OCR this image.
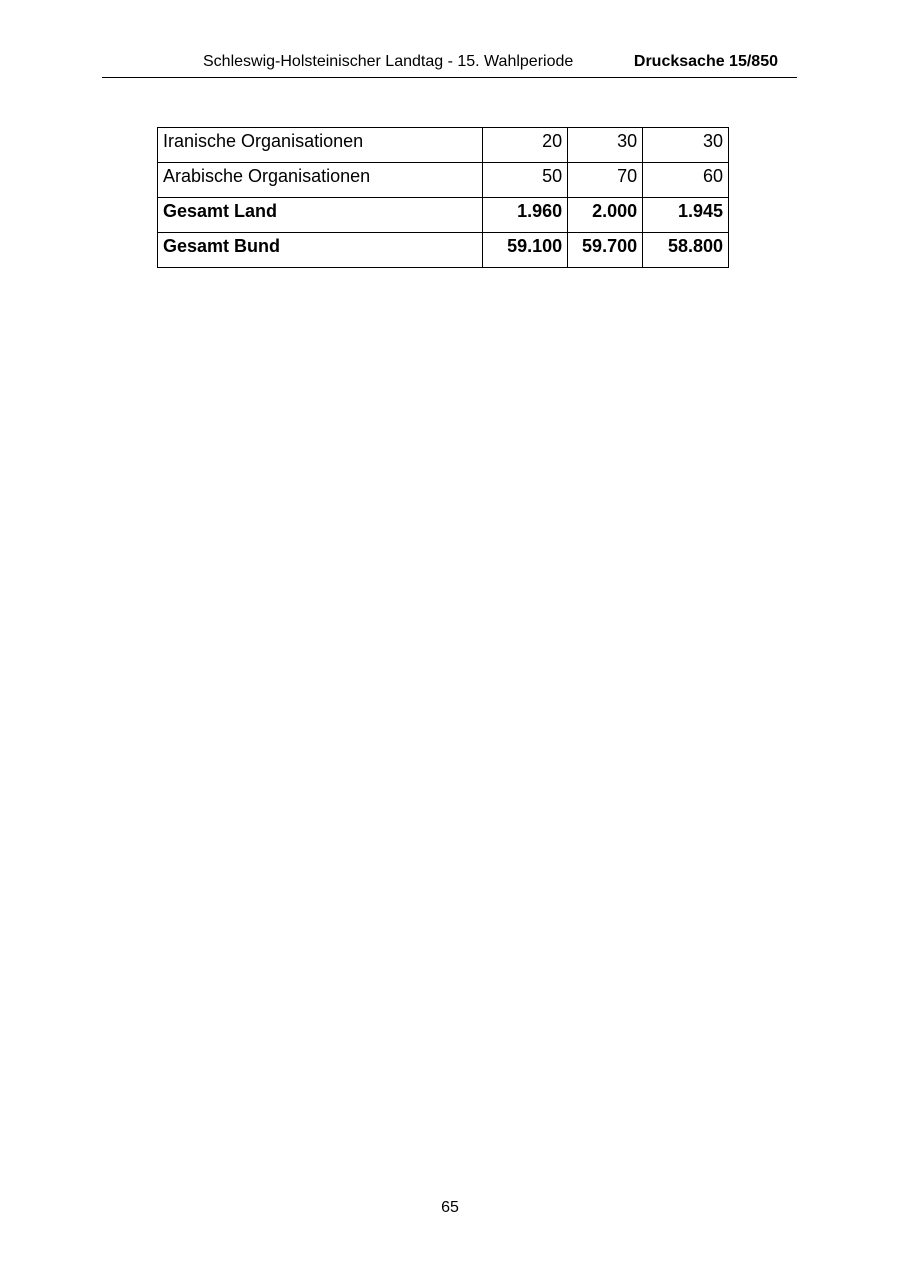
Schleswig-Holsteinischer Landtag - 15. Wahlperiode	Drucksache 15/850
Iranische Organisationen	20	30	30
Arabische Organisationen	50	70	60
Gesamt Land	1.960	2.000	1.945
Gesamt Bund	59.100	59.700	58.800
65
